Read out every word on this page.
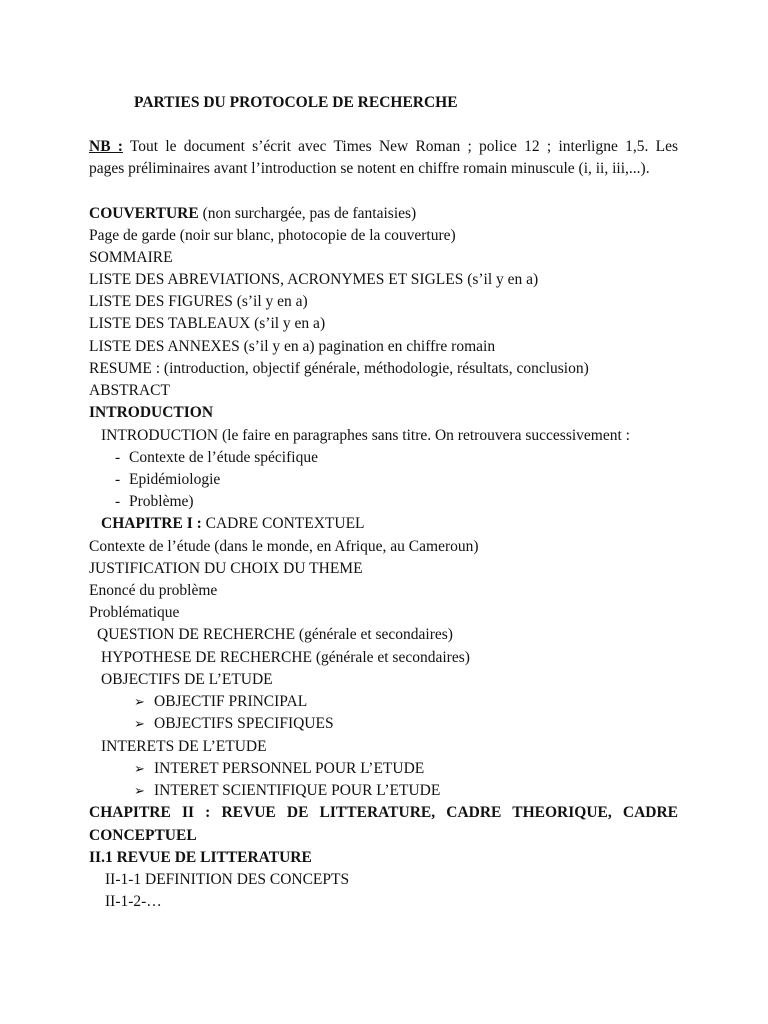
PARTIES DU PROTOCOLE DE RECHERCHE
NB : Tout le document s’écrit avec Times New Roman ; police 12 ; interligne 1,5. Les
pages préliminaires avant l’introduction se notent en chiffre romain minuscule (i, ii, iii,...).
COUVERTURE (non surchargée, pas de fantaisies)
Page de garde (noir sur blanc, photocopie de la couverture)
SOMMAIRE
LISTE DES ABREVIATIONS, ACRONYMES ET SIGLES (s’il y en a)
LISTE DES FIGURES (s’il y en a)
LISTE DES TABLEAUX (s’il y en a)
LISTE DES ANNEXES (s’il y en a) pagination en chiffre romain
RESUME : (introduction, objectif générale, méthodologie, résultats, conclusion)
ABSTRACT
INTRODUCTION
INTRODUCTION (le faire en paragraphes sans titre. On retrouvera successivement :
- Contexte de l’étude spécifique
- Epidémiologie
- Problème)
CHAPITRE I : CADRE CONTEXTUEL
Contexte de l’étude (dans le monde, en Afrique, au Cameroun)
JUSTIFICATION DU CHOIX DU THEME
Enoncé du problème
Problématique
QUESTION DE RECHERCHE (générale et secondaires)
HYPOTHESE DE RECHERCHE (générale et secondaires)
OBJECTIFS DE L’ETUDE
➢ OBJECTIF PRINCIPAL
➢ OBJECTIFS SPECIFIQUES
INTERETS DE L’ETUDE
➢ INTERET PERSONNEL POUR L’ETUDE
➢ INTERET SCIENTIFIQUE POUR L’ETUDE
CHAPITRE II : REVUE DE LITTERATURE, CADRE THEORIQUE, CADRE
CONCEPTUEL
II.1 REVUE DE LITTERATURE
II-1-1 DEFINITION DES CONCEPTS
II-1-2-…
